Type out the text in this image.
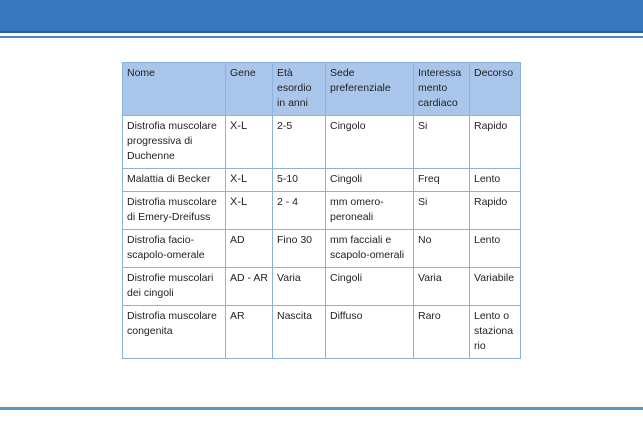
Nome	Gene	Età esordio in anni	Sede preferenziale	Interessa mento cardiaco	Decorso
Distrofia muscolare progressiva di Duchenne	X-L	2-5	Cingolo	Si	Rapido
Malattia di Becker	X-L	5-10	Cingoli	Freq	Lento
Distrofia muscolare di Emery-Dreifuss	X-L	2 - 4	mm omero-peroneali	Si	Rapido
Distrofia facio-scapolo-omerale	AD	Fino 30	mm facciali e scapolo-omerali	No	Lento
Distrofie muscolari dei cingoli	AD - AR	Varia	Cingoli	Varia	Variabile
Distrofia muscolare congenita	AR	Nascita	Diffuso	Raro	Lento o staziona rio
